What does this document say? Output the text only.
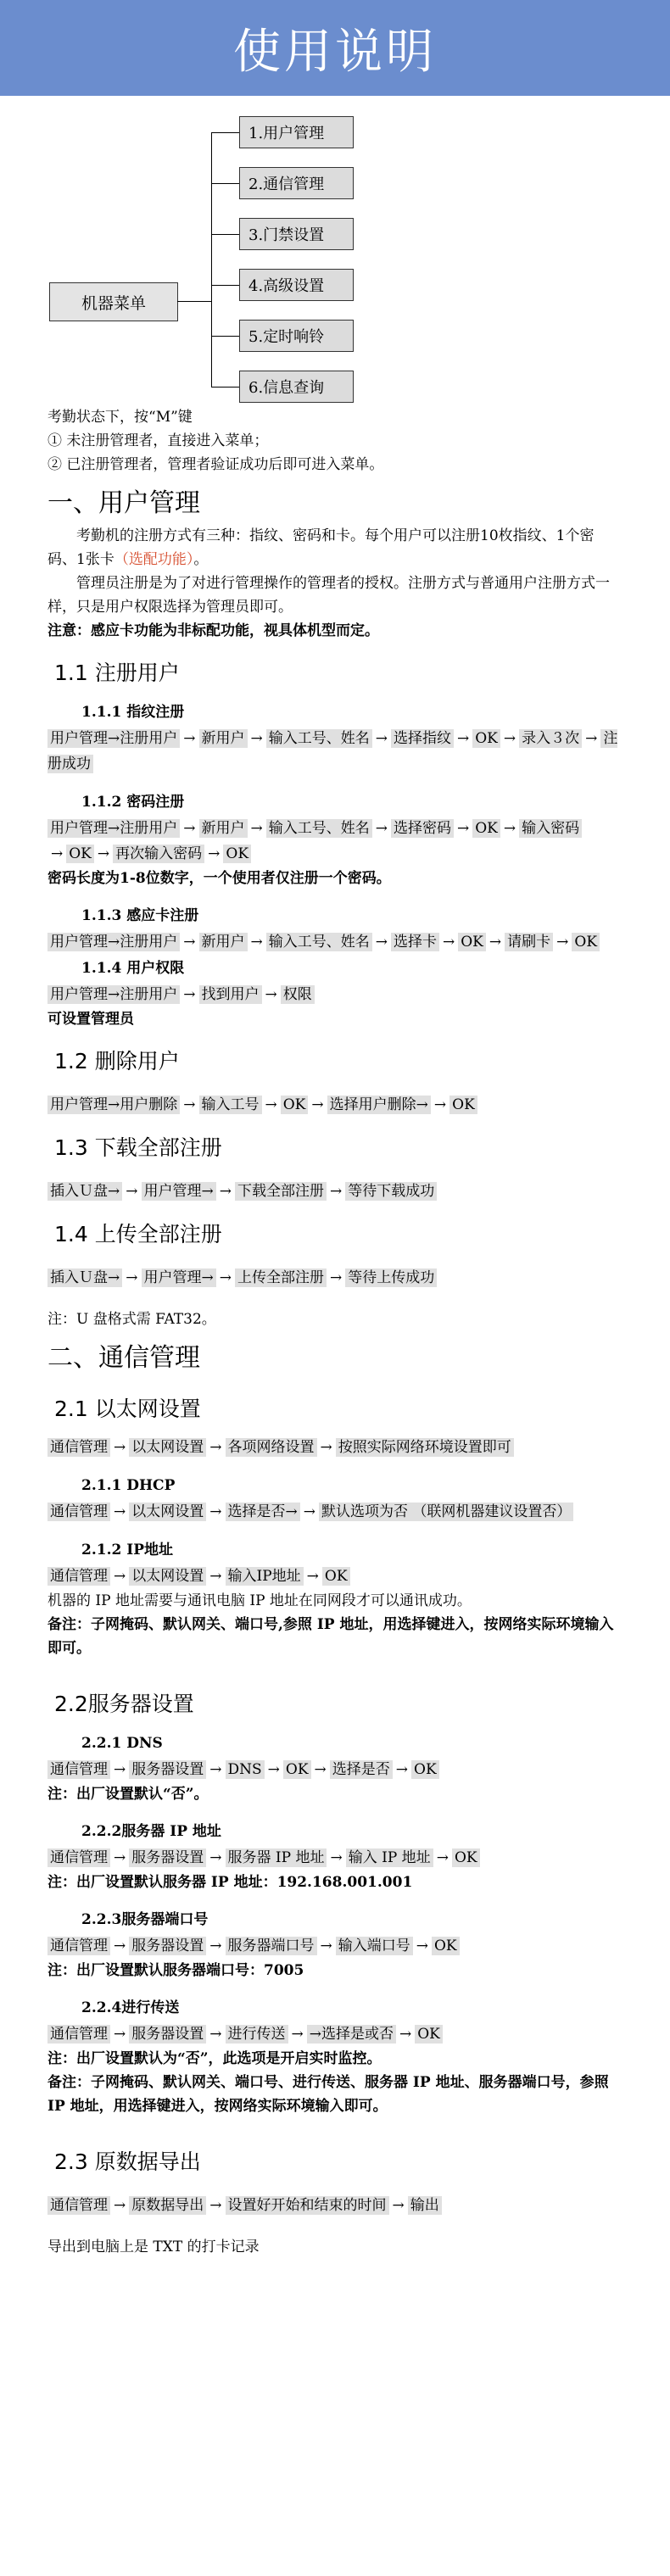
使用说明
机器菜单
1.用户管理
2.通信管理
3.门禁设置
4.高级设置
5.定时响铃
6.信息查询

考勤状态下，按“M”键

① 未注册管理者，直接进入菜单；

② 已注册管理者，管理者验证成功后即可进入菜单。

一、用户管理

考勤机的注册方式有三种：指纹、密码和卡。每个用户可以注册10枚指纹、1个密码、1张卡（选配功能）。

管理员注册是为了对进行管理操作的管理者的授权。注册方式与普通用户注册方式一样，只是用户权限选择为管理员即可。

注意：感应卡功能为非标配功能，视具体机型而定。

1.1 注册用户
1.1.1 指纹注册

用户管理→注册用户 → 新用户 → 输入工号、姓名 → 选择指纹 → OK → 录入３次 → 注册成功

1.1.2 密码注册

用户管理→注册用户 → 新用户 → 输入工号、姓名 → 选择密码 → OK → 输入密码→ OK → 再次输入密码 → OK

密码长度为1-8位数字，一个使用者仅注册一个密码。

1.1.3 感应卡注册

用户管理→注册用户 → 新用户 → 输入工号、姓名 → 选择卡 → OK → 请刷卡 → OK

1.1.4 用户权限

用户管理→注册用户 → 找到用户 → 权限

可设置管理员

1.2 删除用户

用户管理→用户删除 → 输入工号 → OK → 选择用户删除→ → OK

1.3 下载全部注册

插入Ｕ盘→ → 用户管理→ → 下载全部注册 → 等待下载成功

1.4 上传全部注册

插入Ｕ盘→ → 用户管理→ → 上传全部注册 → 等待上传成功

注：U 盘格式需 FAT32。

二、通信管理
2.1 以太网设置

通信管理 → 以太网设置 → 各项网络设置 → 按照实际网络环境设置即可

2.1.1 DHCP

通信管理 → 以太网设置 → 选择是否→ → 默认选项为否 （联网机器建议设置否）

2.1.2 IP地址

通信管理 → 以太网设置 → 输入IP地址 → OK

机器的 IP 地址需要与通讯电脑 IP 地址在同网段才可以通讯成功。

备注：子网掩码、默认网关、端口号,参照 IP 地址，用选择键进入，按网络实际环境输入即可。

2.2服务器设置
2.2.1 DNS

通信管理 → 服务器设置 → DNS → OK → 选择是否 → OK

注：出厂设置默认“否”。

2.2.2服务器 IP 地址

通信管理 → 服务器设置 → 服务器 IP 地址 → 输入 IP 地址 → OK

注：出厂设置默认服务器 IP 地址：192.168.001.001

2.2.3服务器端口号

通信管理 → 服务器设置 → 服务器端口号 → 输入端口号 → OK

注：出厂设置默认服务器端口号：7005

2.2.4进行传送

通信管理 → 服务器设置 → 进行传送 → →选择是或否 → OK

注：出厂设置默认为“否”，此选项是开启实时监控。

备注：子网掩码、默认网关、端口号、进行传送、服务器 IP 地址、服务器端口号，参照 IP 地址，用选择键进入，按网络实际环境输入即可。

2.3 原数据导出

通信管理 → 原数据导出 → 设置好开始和结束的时间 → 输出

导出到电脑上是 TXT 的打卡记录
